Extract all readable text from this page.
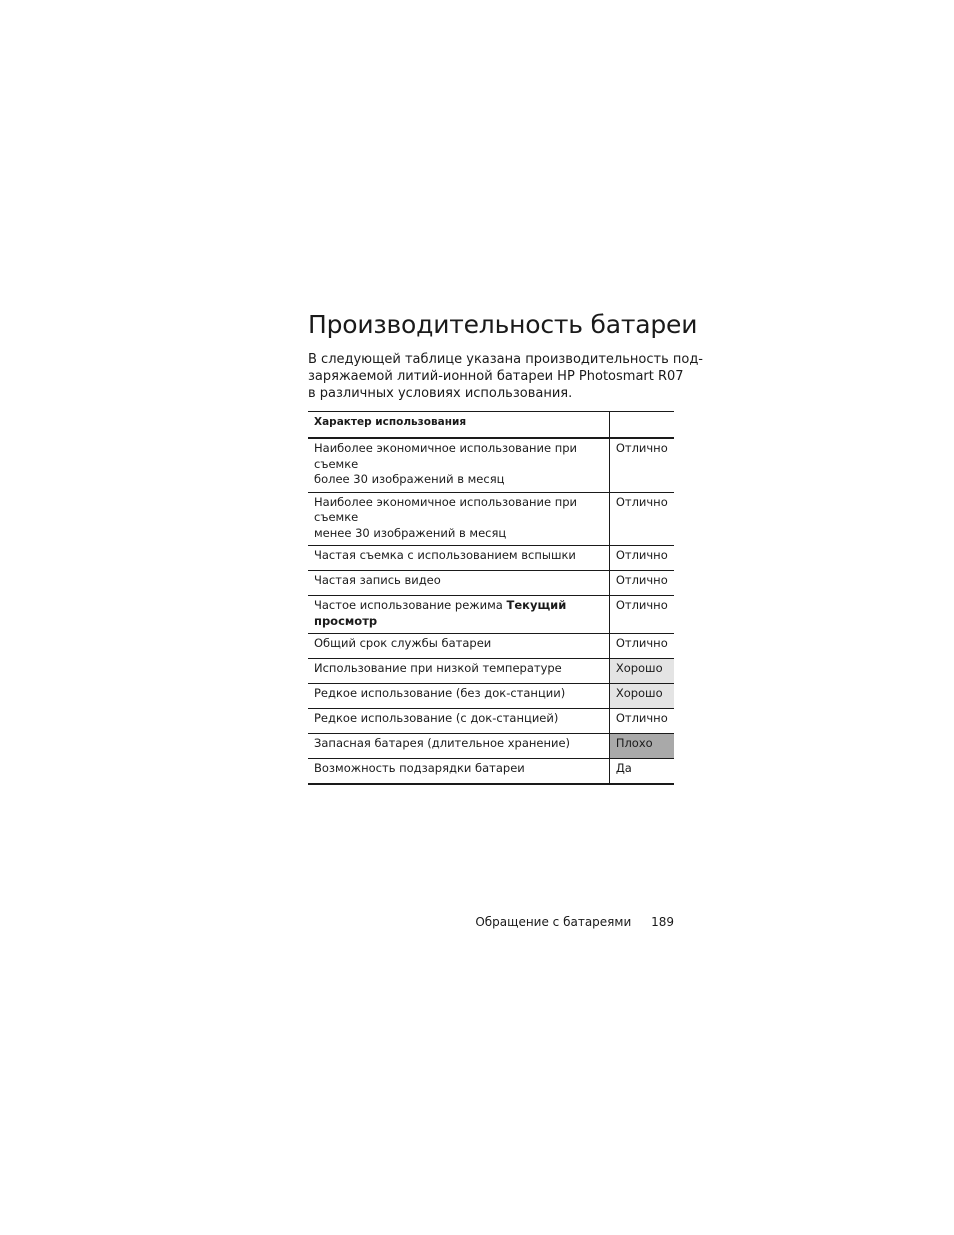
Производительность батареи

В следующей таблице указана производительность под-
заряжаемой литий-ионной батареи HP Photosmart R07
в различных условиях использования.

Характер использования	
Наиболее экономичное использование при съемке
более 30 изображений в месяц	Отлично
Наиболее экономичное использование при съемке
менее 30 изображений в месяц	Отлично
Частая съемка с использованием вспышки	Отлично
Частая запись видео	Отлично
Частое использование режима Текущий просмотр	Отлично
Общий срок службы батареи	Отлично
Использование при низкой температуре	Хорошо
Редкое использование (без док-станции)	Хорошо
Редкое использование (с док-станцией)	Отлично
Запасная батарея (длительное хранение)	Плохо
Возможность подзарядки батареи	Да
Обращение с батареями 189
